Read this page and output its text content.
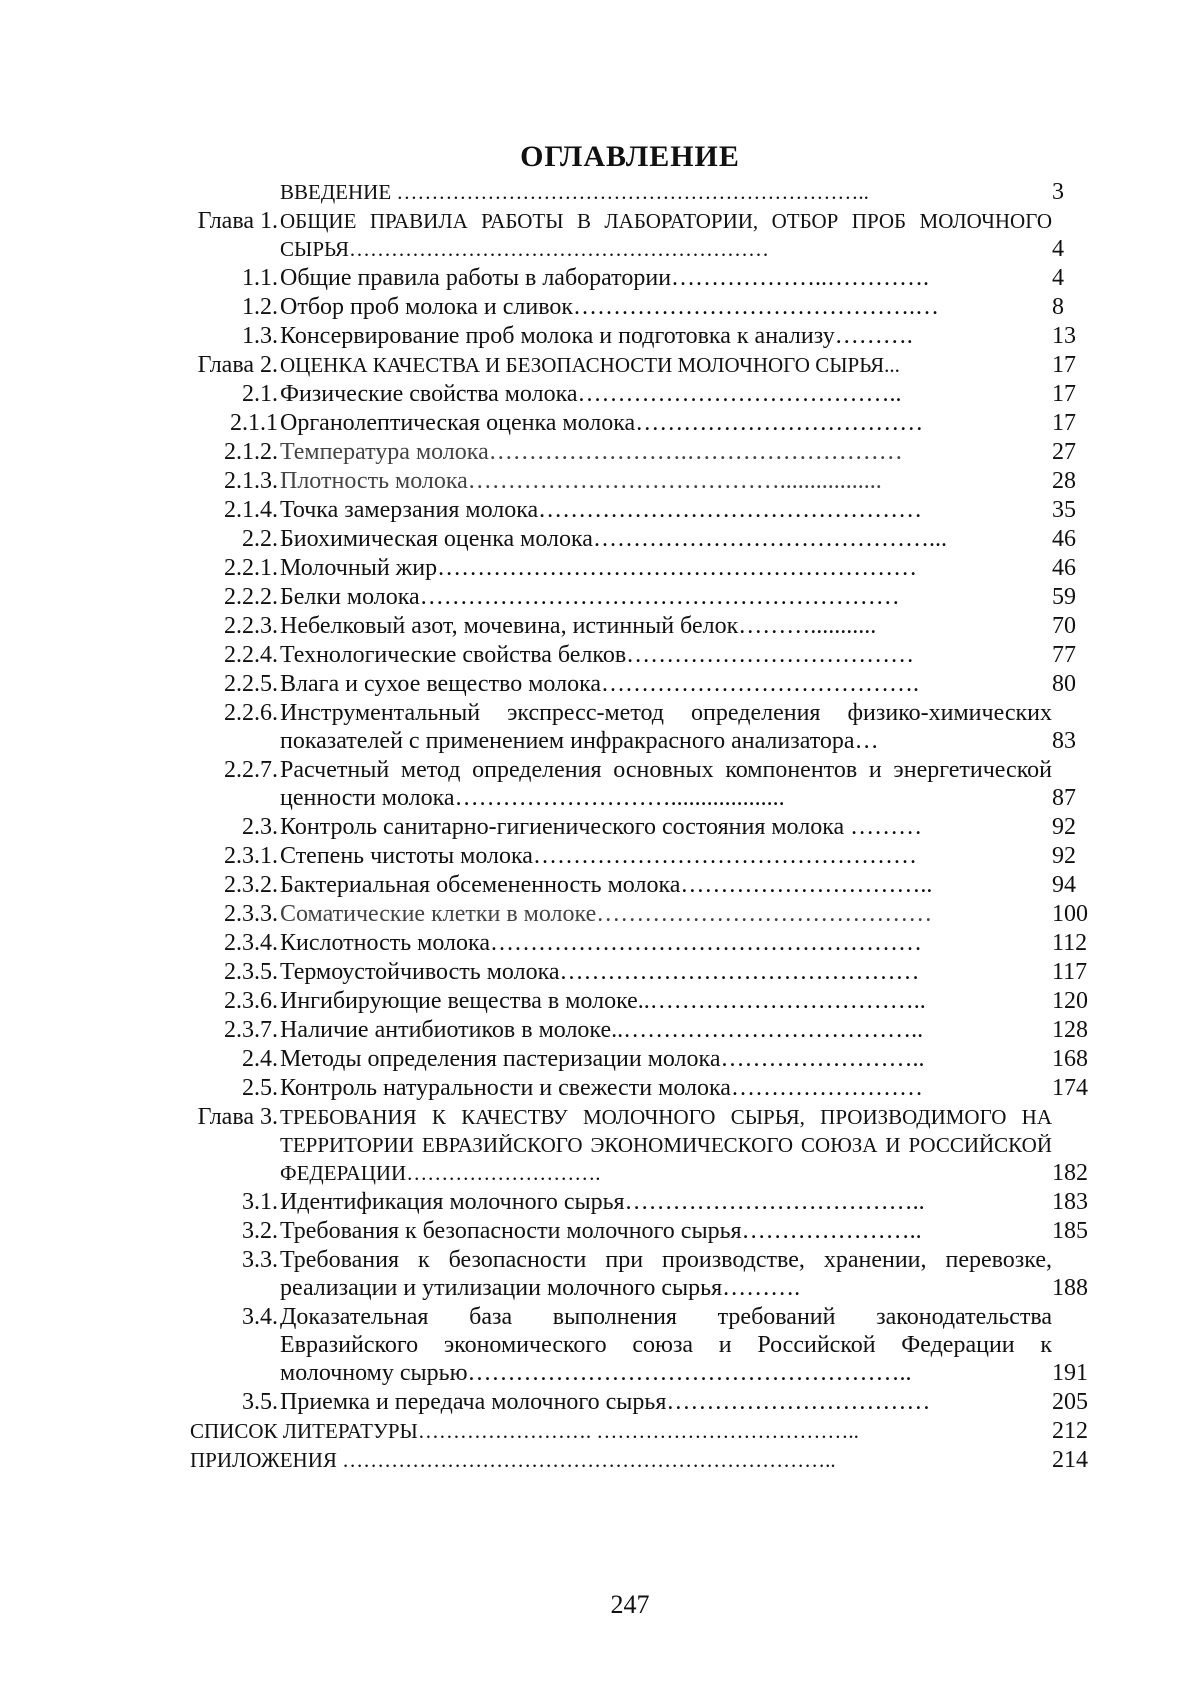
ОГЛАВЛЕНИЕ
ВВЕДЕНИЕ …………………………………………………………..	3
Глава 1. ОБЩИЕ ПРАВИЛА РАБОТЫ В ЛАБОРАТОРИИ, ОТБОР ПРОБ МОЛОЧНОГО СЫРЬЯ……………………………………………………	4
1.1. Общие правила работы в лаборатории………………..………….	4
1.2. Отбор проб молока и сливок…………………………………….…	8
1.3. Консервирование проб молока и подготовка к анализу……….	13
Глава 2. ОЦЕНКА КАЧЕСТВА И БЕЗОПАСНОСТИ МОЛОЧНОГО СЫРЬЯ...	17
2.1. Физические свойства молока…………………………………..	17
2.1.1 Органолептическая оценка молока………………………………	17
2.1.2. Температура молока…………………….………………………	27
2.1.3. Плотность молока………………………………….................	28
2.1.4. Точка замерзания молока…………………………………………	35
2.2. Биохимическая оценка молока……………………………………...	46
2.2.1. Молочный жир……………………………………………………	46
2.2.2. Белки молока……………………………………………………	59
2.2.3. Небелковый азот, мочевина, истинный белок………...........	70
2.2.4. Технологические свойства белков………………………………	77
2.2.5. Влага и сухое вещество молока………………………………….	80
2.2.6. Инструментальный экспресс-метод определения физико-химических показателей с применением инфракрасного анализатора…	83
2.2.7. Расчетный метод определения основных компонентов и энергетической ценности молока………………………...................	87
2.3. Контроль санитарно-гигиенического состояния молока ………	92
2.3.1. Степень чистоты молока…………………………………………	92
2.3.2. Бактериальная обсемененность молока…………………………..	94
2.3.3. Соматические клетки в молоке……………………………………	100
2.3.4. Кислотность молока………………………………………………	112
2.3.5. Термоустойчивость молока………………………………………	117
2.3.6. Ингибирующие вещества в молоке..……………………………..	120
2.3.7. Наличие антибиотиков в молоке..………………………………..	128
2.4. Методы определения пастеризации молока……………………..	168
2.5. Контроль натуральности и свежести молока……………………	174
Глава 3. ТРЕБОВАНИЯ К КАЧЕСТВУ МОЛОЧНОГО СЫРЬЯ, ПРОИЗВОДИМОГО НА ТЕРРИТОРИИ ЕВРАЗИЙСКОГО ЭКОНОМИЧЕСКОГО СОЮЗА И РОССИЙСКОЙ ФЕДЕРАЦИИ……………………….	182
3.1. Идентификация молочного сырья………………………………..	183
3.2. Требования к безопасности молочного сырья…………………..	185
3.3. Требования к безопасности при производстве, хранении, перевозке, реализации и утилизации молочного сырья……….	188
3.4. Доказательная база выполнения требований законодательства Евразийского экономического союза и Российской Федерации к молочному сырью………………………………………………..	191
3.5. Приемка и передача молочного сырья……………………………	205
СПИСОК ЛИТЕРАТУРЫ……………………. ………………………………..	212
ПРИЛОЖЕНИЯ ……………………………………………………………..	214
247
